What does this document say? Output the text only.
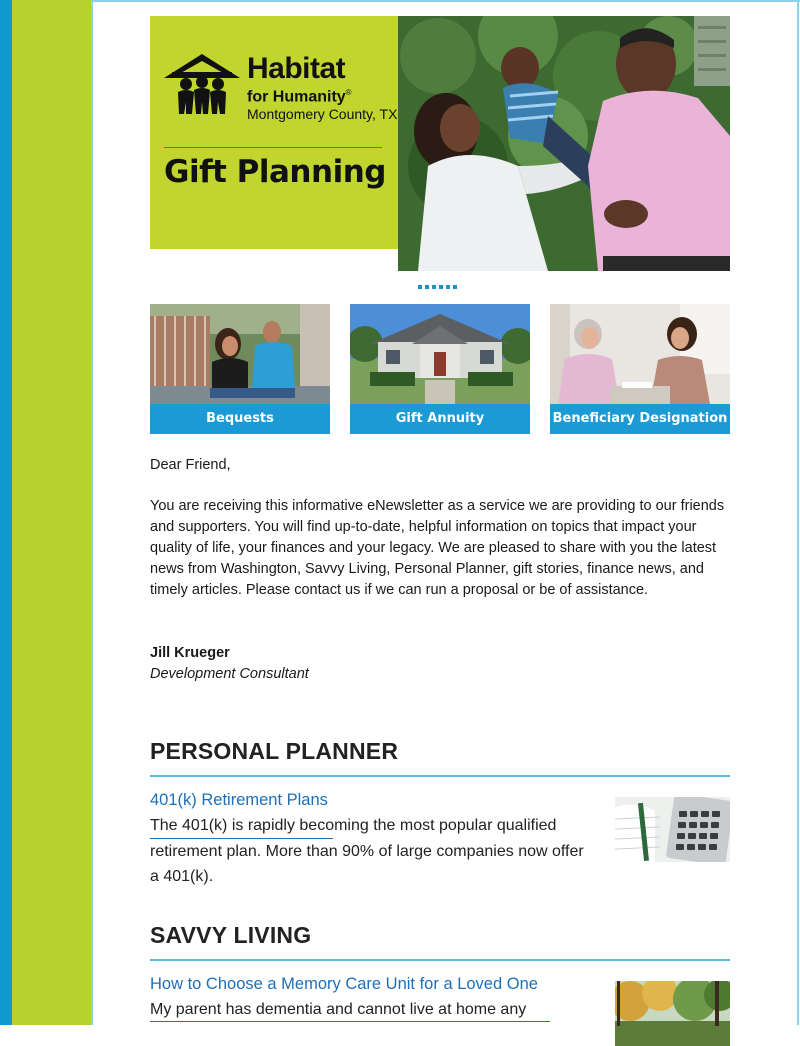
Habitat
for Humanity®
Montgomery County, TX
Gift Planning
Bequests	Gift Annuity	Beneficiary Designation
Dear Friend,
You are receiving this informative eNewsletter as a service we are providing to our friends and supporters. You will find up-to-date, helpful information on topics that impact your quality of life, your finances and your legacy. We are pleased to share with you the latest news from Washington, Savvy Living, Personal Planner, gift stories, finance news, and timely articles. Please contact us if we can run a proposal or be of assistance.
Jill Krueger
Development Consultant
PERSONAL PLANNER
401(k) Retirement Plans
The 401(k) is rapidly becoming the most popular qualified retirement plan. More than 90% of large companies now offer a 401(k).
SAVVY LIVING
How to Choose a Memory Care Unit for a Loved One
My parent has dementia and cannot live at home any
